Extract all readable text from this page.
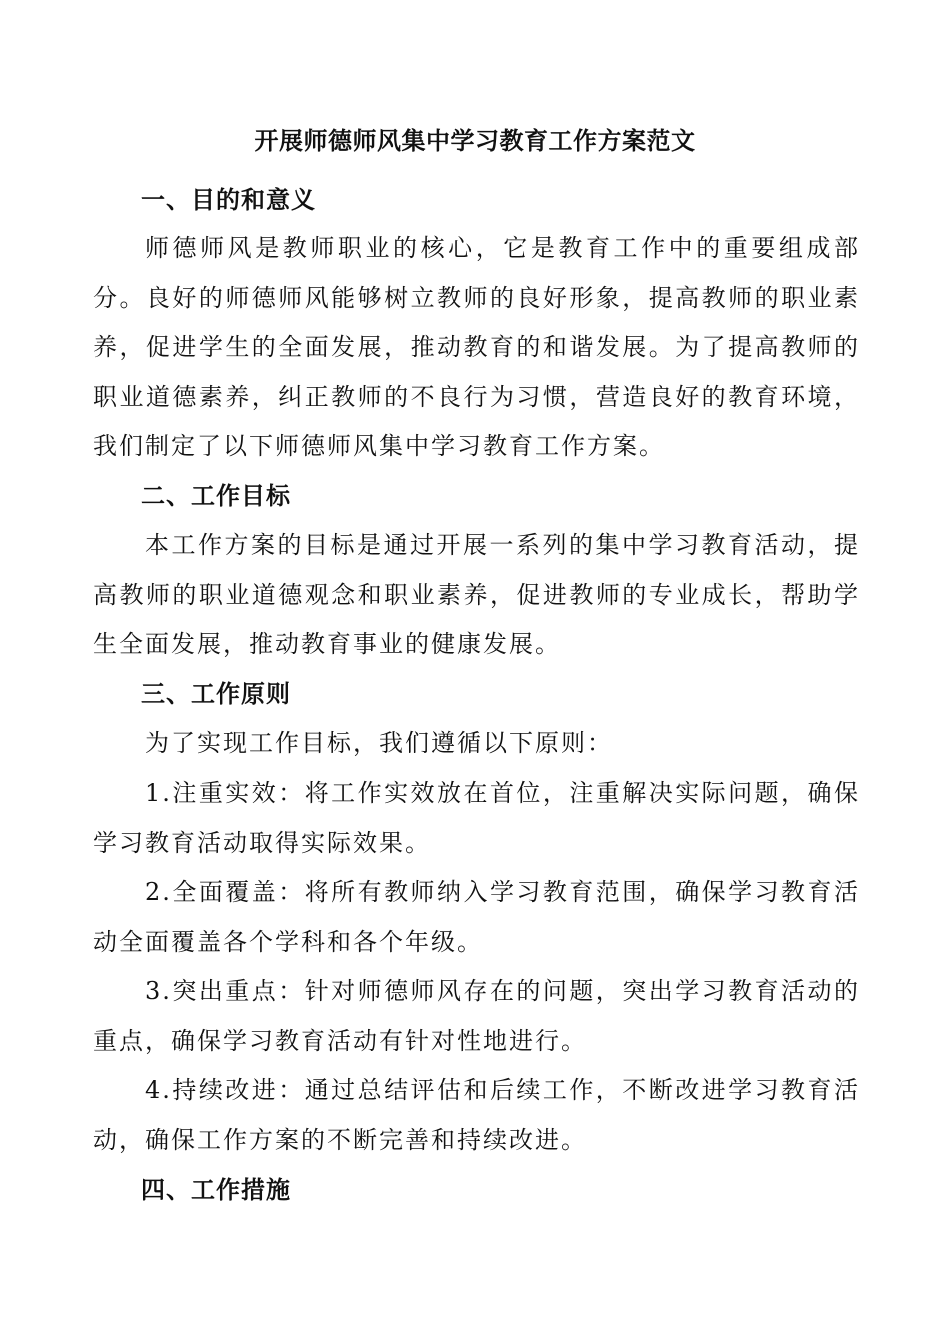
开展师德师风集中学习教育工作方案范文

一、目的和意义

师德师风是教师职业的核心，它是教育工作中的重要组成部分。良好的师德师风能够树立教师的良好形象，提高教师的职业素养，促进学生的全面发展，推动教育的和谐发展。为了提高教师的职业道德素养，纠正教师的不良行为习惯，营造良好的教育环境，我们制定了以下师德师风集中学习教育工作方案。

二、工作目标

本工作方案的目标是通过开展一系列的集中学习教育活动，提高教师的职业道德观念和职业素养，促进教师的专业成长，帮助学生全面发展，推动教育事业的健康发展。

三、工作原则

为了实现工作目标，我们遵循以下原则：

1.注重实效：将工作实效放在首位，注重解决实际问题，确保学习教育活动取得实际效果。

2.全面覆盖：将所有教师纳入学习教育范围，确保学习教育活动全面覆盖各个学科和各个年级。

3.突出重点：针对师德师风存在的问题，突出学习教育活动的重点，确保学习教育活动有针对性地进行。

4.持续改进：通过总结评估和后续工作，不断改进学习教育活动，确保工作方案的不断完善和持续改进。

四、工作措施
